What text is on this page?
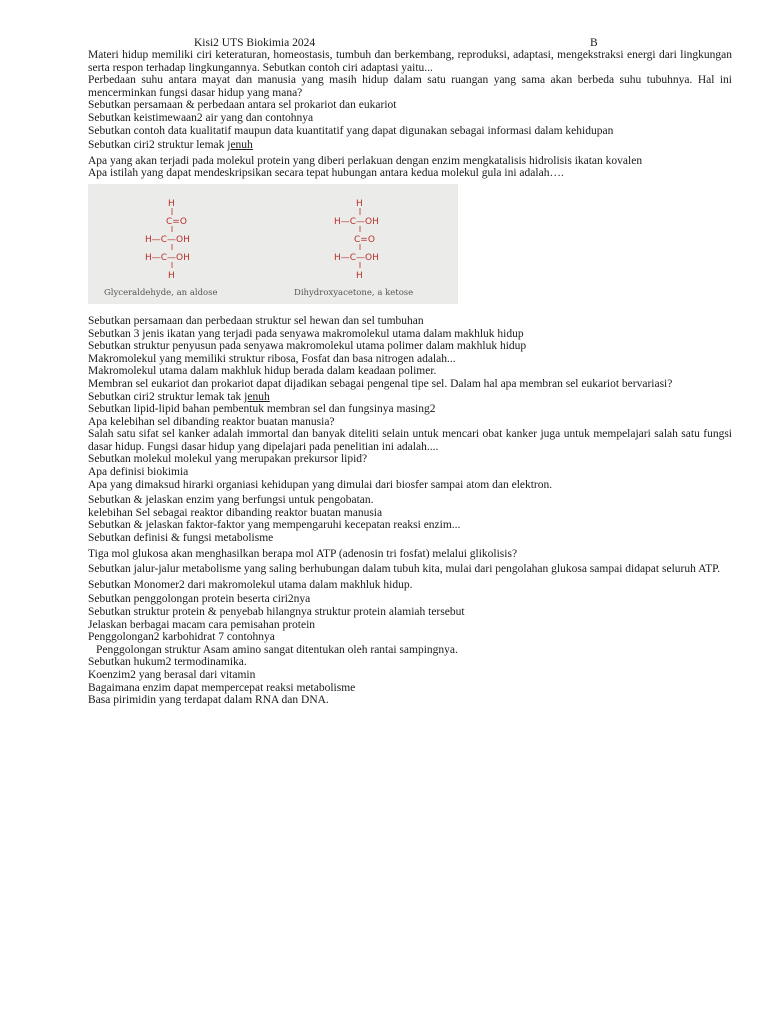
Kisi2 UTS Biokimia 2024	B

Materi hidup memiliki ciri keteraturan, homeostasis, tumbuh dan berkembang, reproduksi, adaptasi, mengekstraksi energi dari lingkungan serta respon terhadap lingkungannya. Sebutkan contoh ciri adaptasi yaitu...

Perbedaan suhu antara mayat dan manusia yang masih hidup dalam satu ruangan yang sama akan berbeda suhu tubuhnya. Hal ini mencerminkan fungsi dasar hidup yang mana?

Sebutkan persamaan & perbedaan antara sel prokariot dan eukariot

Sebutkan keistimewaan2 air yang dan contohnya

Sebutkan contoh data kualitatif maupun data kuantitatif yang dapat digunakan sebagai informasi dalam kehidupan

Sebutkan ciri2 struktur lemak jenuh

Apa yang akan terjadi pada molekul protein yang diberi perlakuan dengan enzim mengkatalisis hidrolisis ikatan kovalen

Apa istilah yang dapat mendeskripsikan secara tepat hubungan antara kedua molekul gula ini adalah….

H
C=O
H—C—OH
H—C—OH
H
Glyceraldehyde, an aldose
H
H—C—OH
C=O
H—C—OH
H
Dihydroxyacetone, a ketose

Sebutkan persamaan dan perbedaan struktur sel hewan dan sel tumbuhan

Sebutkan 3 jenis ikatan yang terjadi pada senyawa makromolekul utama dalam makhluk hidup

Sebutkan struktur penyusun pada senyawa makromolekul utama polimer dalam makhluk hidup

Makromolekul yang memiliki struktur ribosa, Fosfat dan basa nitrogen adalah...

Makromolekul utama dalam makhluk hidup berada dalam keadaan polimer.

Membran sel eukariot dan prokariot dapat dijadikan sebagai pengenal tipe sel. Dalam hal apa membran sel eukariot bervariasi?

Sebutkan ciri2 struktur lemak tak jenuh

Sebutkan lipid-lipid bahan pembentuk membran sel dan fungsinya masing2

Apa kelebihan sel dibanding reaktor buatan manusia?

Salah satu sifat sel kanker adalah immortal dan banyak diteliti selain untuk mencari obat kanker juga untuk mempelajari salah satu fungsi dasar hidup. Fungsi dasar hidup yang dipelajari pada penelitian ini adalah....

Sebutkan molekul molekul yang merupakan prekursor lipid?

Apa definisi biokimia

Apa yang dimaksud hirarki organiasi kehidupan yang dimulai dari biosfer sampai atom dan elektron.

Sebutkan & jelaskan enzim yang berfungsi untuk pengobatan.

kelebihan Sel sebagai reaktor dibanding reaktor buatan manusia

Sebutkan & jelaskan faktor-faktor yang mempengaruhi kecepatan reaksi enzim...

Sebutkan definisi & fungsi metabolisme

Tiga mol glukosa akan menghasilkan berapa mol ATP (adenosin tri fosfat) melalui glikolisis?

Sebutkan jalur-jalur metabolisme yang saling berhubungan dalam tubuh kita, mulai dari pengolahan glukosa sampai didapat seluruh ATP.

Sebutkan Monomer2 dari makromolekul utama dalam makhluk hidup.

Sebutkan penggolongan protein beserta ciri2nya

Sebutkan struktur protein & penyebab hilangnya struktur protein alamiah tersebut

Jelaskan berbagai macam cara pemisahan protein

Penggolongan2 karbohidrat 7 contohnya

Penggolongan struktur Asam amino sangat ditentukan oleh rantai sampingnya.

Sebutkan hukum2 termodinamika.

Koenzim2 yang berasal dari vitamin

Bagaimana enzim dapat mempercepat reaksi metabolisme

Basa pirimidin yang terdapat dalam RNA dan DNA.
